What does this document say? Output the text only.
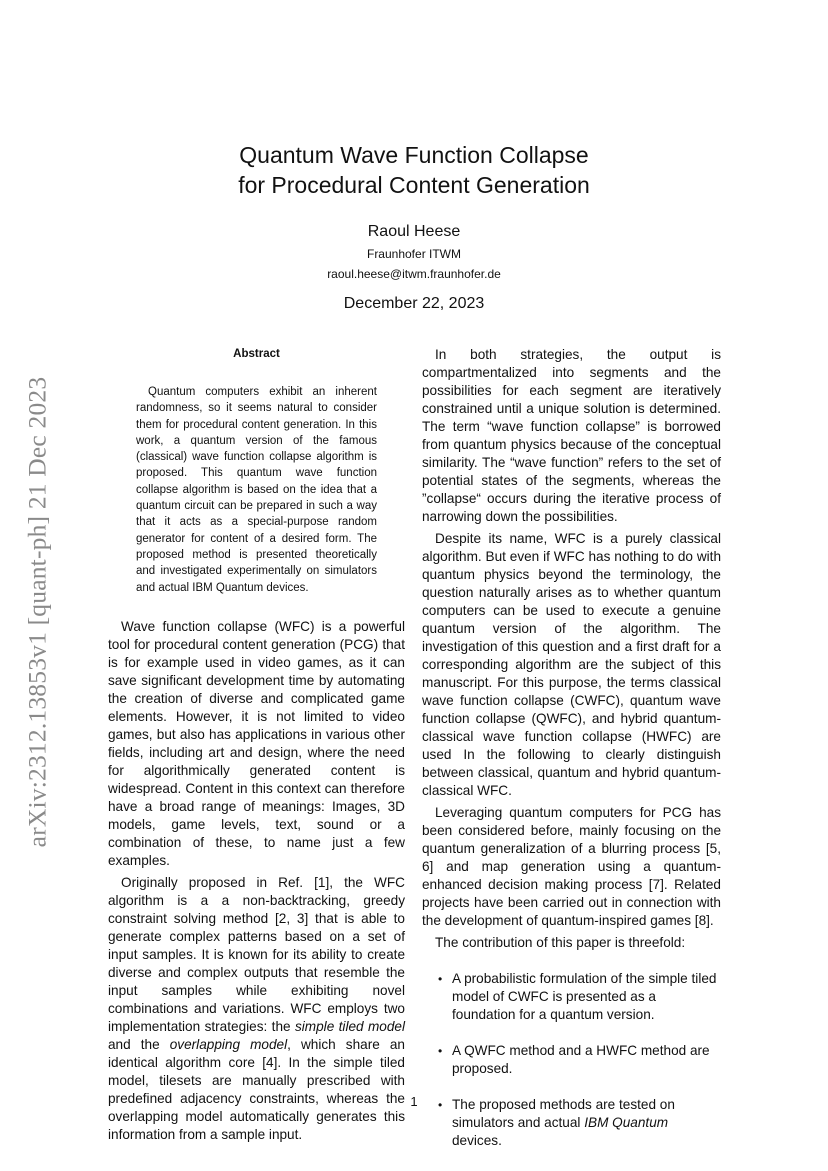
arXiv:2312.13853v1 [quant-ph] 21 Dec 2023
Quantum Wave Function Collapse
for Procedural Content Generation
Raoul Heese
Fraunhofer ITWM
raoul.heese@itwm.fraunhofer.de
December 22, 2023
Abstract

Quantum computers exhibit an inherent randomness, so it seems natural to consider them for procedural content generation. In this work, a quantum version of the famous (classical) wave function collapse algorithm is proposed. This quantum wave function collapse algorithm is based on the idea that a quantum circuit can be prepared in such a way that it acts as a special-purpose random generator for content of a desired form. The proposed method is presented theoretically and investigated experimentally on simulators and actual IBM Quantum devices.

Wave function collapse (WFC) is a powerful tool for procedural content generation (PCG) that is for example used in video games, as it can save significant development time by automating the creation of diverse and complicated game elements. However, it is not limited to video games, but also has applications in various other fields, including art and design, where the need for algorithmically generated content is widespread. Content in this context can therefore have a broad range of meanings: Images, 3D models, game levels, text, sound or a combination of these, to name just a few examples.

Originally proposed in Ref. [1], the WFC algorithm is a a non-backtracking, greedy constraint solving method [2, 3] that is able to generate complex patterns based on a set of input samples. It is known for its ability to create diverse and complex outputs that resemble the input samples while exhibiting novel combinations and variations. WFC employs two implementation strategies: the simple tiled model and the overlapping model, which share an identical algorithm core [4]. In the simple tiled model, tilesets are manually prescribed with predefined adjacency constraints, whereas the overlapping model automatically generates this information from a sample input.

In both strategies, the output is compartmentalized into segments and the possibilities for each segment are iteratively constrained until a unique solution is determined. The term “wave function collapse” is borrowed from quantum physics because of the conceptual similarity. The “wave function” refers to the set of potential states of the segments, whereas the ”collapse“ occurs during the iterative process of narrowing down the possibilities.

Despite its name, WFC is a purely classical algorithm. But even if WFC has nothing to do with quantum physics beyond the terminology, the question naturally arises as to whether quantum computers can be used to execute a genuine quantum version of the algorithm. The investigation of this question and a first draft for a corresponding algorithm are the subject of this manuscript. For this purpose, the terms classical wave function collapse (CWFC), quantum wave function collapse (QWFC), and hybrid quantum-classical wave function collapse (HWFC) are used In the following to clearly distinguish between classical, quantum and hybrid quantum-classical WFC.

Leveraging quantum computers for PCG has been considered before, mainly focusing on the quantum generalization of a blurring process [5, 6] and map generation using a quantum-enhanced decision making process [7]. Related projects have been carried out in connection with the development of quantum-inspired games [8].

The contribution of this paper is threefold:

• A probabilistic formulation of the simple tiled model of CWFC is presented as a foundation for a quantum version.
• A QWFC method and a HWFC method are proposed.
• The proposed methods are tested on simulators and actual IBM Quantum devices.
1
